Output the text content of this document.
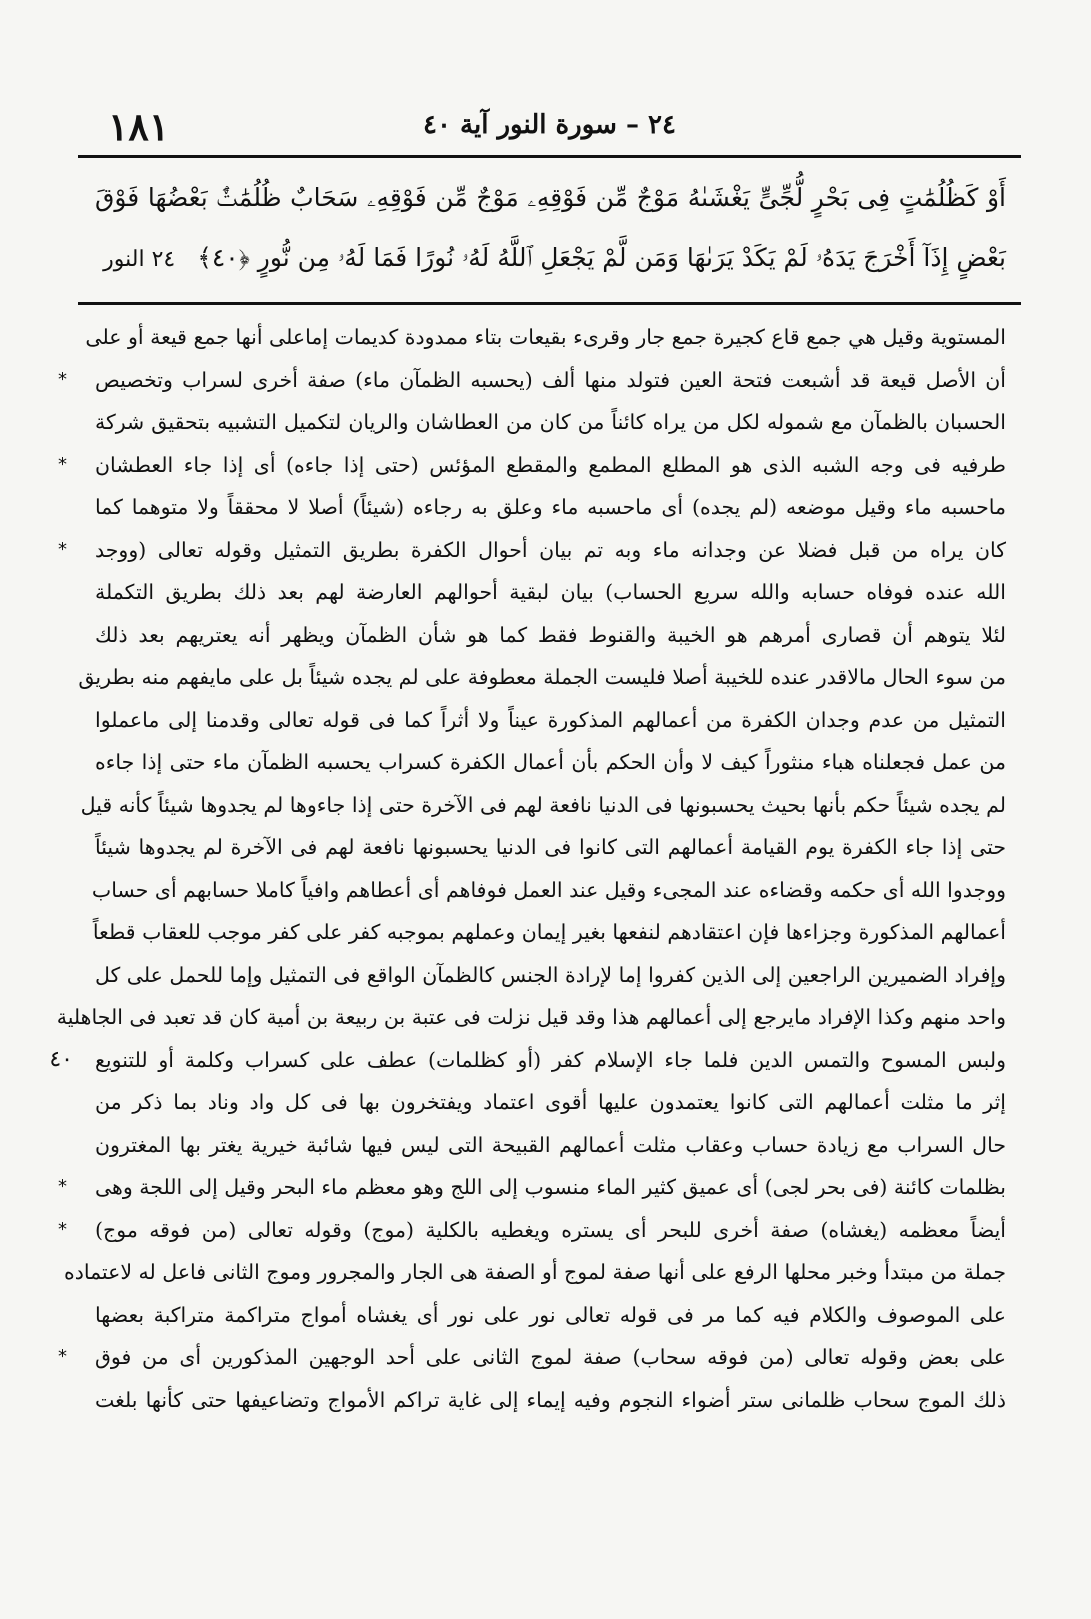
١٨١	٢٤ – سورة النور آية ٤٠
أَوْ كَظُلُمَٰتٍ فِى بَحْرٍ لُّجِّىٍّ يَغْشَىٰهُ مَوْجٌ مِّن فَوْقِهِۦ مَوْجٌ مِّن فَوْقِهِۦ سَحَابٌ ظُلُمَٰتٌۢ بَعْضُهَا فَوْقَ بَعْضٍ إِذَآ أَخْرَجَ يَدَهُۥ لَمْ يَكَدْ يَرَىٰهَا وَمَن لَّمْ يَجْعَلِ ٱللَّهُ لَهُۥ نُورًا فَمَا لَهُۥ مِن نُّورٍ ﴿٤٠﴾٢٤ النور
المستوية وقيل هي جمع قاع كجيرة جمع جار وقرىء بقيعات بتاء ممدودة كديمات إماعلى أنها جمع قيعة أو على
أن الأصل قيعة قد أشبعت فتحة العين فتولد منها ألف (يحسبه الظمآن ماء) صفة أخرى لسراب وتخصيص
*
الحسبان بالظمآن مع شموله لكل من يراه كائناً من كان من العطاشان والريان لتكميل التشبيه بتحقيق شركة
طرفيه فى وجه الشبه الذى هو المطلع المطمع والمقطع المؤئس (حتى إذا جاءه) أى إذا جاء العطشان
*
ماحسبه ماء وقيل موضعه (لم يجده) أى ماحسبه ماء وعلق به رجاءه (شيئاً) أصلا لا محققاً ولا متوهما كما
كان يراه من قبل فضلا عن وجدانه ماء وبه تم بيان أحوال الكفرة بطريق التمثيل وقوله تعالى (ووجد
*
الله عنده فوفاه حسابه والله سريع الحساب) بيان لبقية أحوالهم العارضة لهم بعد ذلك بطريق التكملة
لئلا يتوهم أن قصارى أمرهم هو الخيبة والقنوط فقط كما هو شأن الظمآن ويظهر أنه يعتريهم بعد ذلك
من سوء الحال مالاقدر عنده للخيبة أصلا فليست الجملة معطوفة على لم يجده شيئاً بل على مايفهم منه بطريق
التمثيل من عدم وجدان الكفرة من أعمالهم المذكورة عيناً ولا أثراً كما فى قوله تعالى وقدمنا إلى ماعملوا
من عمل فجعلناه هباء منثوراً كيف لا وأن الحكم بأن أعمال الكفرة كسراب يحسبه الظمآن ماء حتى إذا جاءه
لم يجده شيئاً حكم بأنها بحيث يحسبونها فى الدنيا نافعة لهم فى الآخرة حتى إذا جاءوها لم يجدوها شيئاً كأنه قيل
حتى إذا جاء الكفرة يوم القيامة أعمالهم التى كانوا فى الدنيا يحسبونها نافعة لهم فى الآخرة لم يجدوها شيئاً
ووجدوا الله أى حكمه وقضاءه عند المجىء وقيل عند العمل فوفاهم أى أعطاهم وافياً كاملا حسابهم أى حساب
أعمالهم المذكورة وجزاءها فإن اعتقادهم لنفعها بغير إيمان وعملهم بموجبه كفر على كفر موجب للعقاب قطعاً
وإفراد الضميرين الراجعين إلى الذين كفروا إما لإرادة الجنس كالظمآن الواقع فى التمثيل وإما للحمل على كل
واحد منهم وكذا الإفراد مايرجع إلى أعمالهم هذا وقد قيل نزلت فى عتبة بن ربيعة بن أمية كان قد تعبد فى الجاهلية
ولبس المسوح والتمس الدين فلما جاء الإسلام كفر (أو كظلمات) عطف على كسراب وكلمة أو للتنويع
٤٠
إثر ما مثلت أعمالهم التى كانوا يعتمدون عليها أقوى اعتماد ويفتخرون بها فى كل واد وناد بما ذكر من
حال السراب مع زيادة حساب وعقاب مثلت أعمالهم القبيحة التى ليس فيها شائبة خيرية يغتر بها المغترون
بظلمات كائنة (فى بحر لجى) أى عميق كثير الماء منسوب إلى اللج وهو معظم ماء البحر وقيل إلى اللجة وهى
*
أيضاً معظمه (يغشاه) صفة أخرى للبحر أى يستره ويغطيه بالكلية (موج) وقوله تعالى (من فوقه موج)
*
جملة من مبتدأ وخبر محلها الرفع على أنها صفة لموج أو الصفة هى الجار والمجرور وموج الثانى فاعل له لاعتماده
على الموصوف والكلام فيه كما مر فى قوله تعالى نور على نور أى يغشاه أمواج متراكمة متراكبة بعضها
على بعض وقوله تعالى (من فوقه سحاب) صفة لموج الثانى على أحد الوجهين المذكورين أى من فوق
*
ذلك الموج سحاب ظلمانى ستر أضواء النجوم وفيه إيماء إلى غاية تراكم الأمواج وتضاعيفها حتى كأنها بلغت
